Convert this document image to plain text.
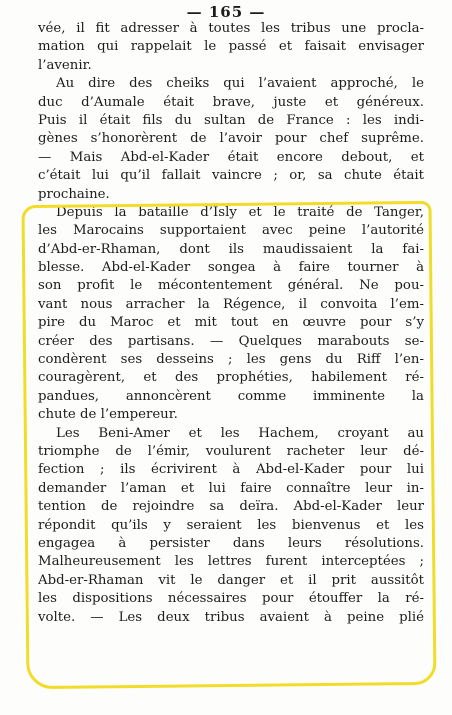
— 165 —
vée, il fit adresser à toutes les tribus une procla-
mation qui rappelait le passé et faisait envisager
l’avenir.
Au dire des cheiks qui l’avaient approché, le
duc d’Aumale était brave, juste et généreux.
Puis il était fils du sultan de France : les indi-
gènes s’honorèrent de l’avoir pour chef suprême.
— Mais Abd-el-Kader était encore debout, et
c’était lui qu’il fallait vaincre ; or, sa chute était
prochaine.
Depuis la bataille d’Isly et le traité de Tanger,
les Marocains supportaient avec peine l’autorité
d’Abd-er-Rhaman, dont ils maudissaient la fai-
blesse. Abd-el-Kader songea à faire tourner à
son profit le mécontentement général. Ne pou-
vant nous arracher la Régence, il convoita l’em-
pire du Maroc et mit tout en œuvre pour s’y
créer des partisans. — Quelques marabouts se-
condèrent ses desseins ; les gens du Riff l’en-
couragèrent, et des prophéties, habilement ré-
pandues, annoncèrent comme imminente la
chute de l’empereur.
Les Beni-Amer et les Hachem, croyant au
triomphe de l’émir, voulurent racheter leur dé-
fection ; ils écrivirent à Abd-el-Kader pour lui
demander l’aman et lui faire connaître leur in-
tention de rejoindre sa deïra. Abd-el-Kader leur
répondit qu’ils y seraient les bienvenus et les
engagea à persister dans leurs résolutions.
Malheureusement les lettres furent interceptées ;
Abd-er-Rhaman vit le danger et il prit aussitôt
les dispositions nécessaires pour étouffer la ré-
volte. — Les deux tribus avaient à peine plié
